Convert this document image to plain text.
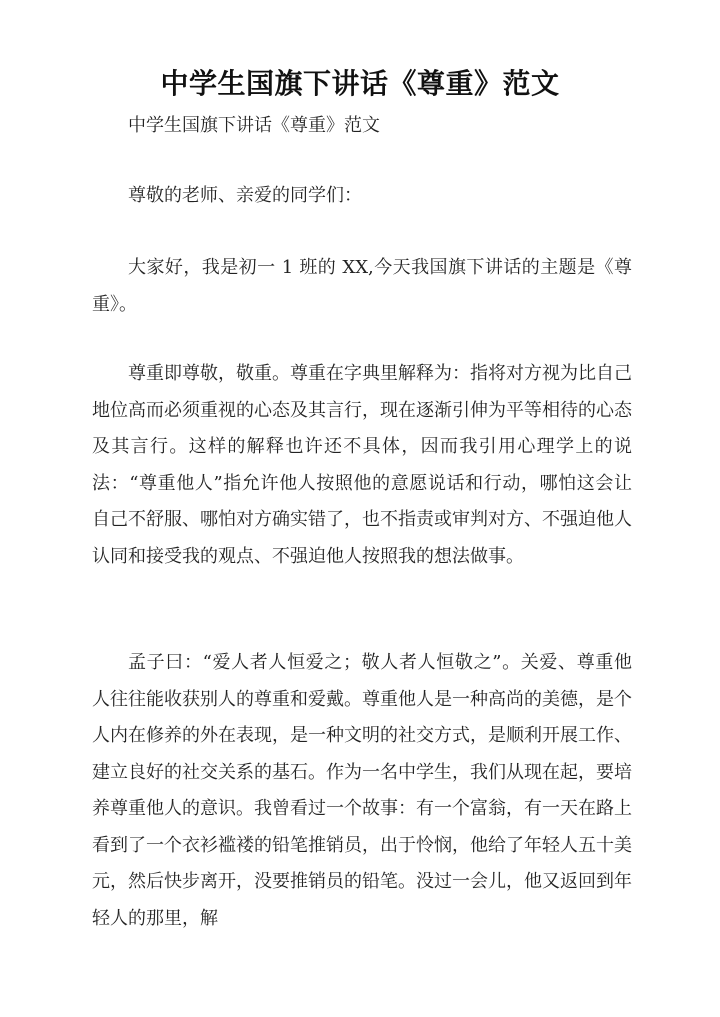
中学生国旗下讲话《尊重》范文

中学生国旗下讲话《尊重》范文

尊敬的老师、亲爱的同学们：

大家好，我是初一 1 班的 XX,今天我国旗下讲话的主题是《尊重》。

尊重即尊敬，敬重。尊重在字典里解释为：指将对方视为比自己地位高而必须重视的心态及其言行，现在逐渐引伸为平等相待的心态及其言行。这样的解释也许还不具体，因而我引用心理学上的说法：“尊重他人”指允许他人按照他的意愿说话和行动，哪怕这会让自己不舒服、哪怕对方确实错了，也不指责或审判对方、不强迫他人认同和接受我的观点、不强迫他人按照我的想法做事。

孟子曰：“爱人者人恒爱之；敬人者人恒敬之”。关爱、尊重他人往往能收获别人的尊重和爱戴。尊重他人是一种高尚的美德，是个人内在修养的外在表现，是一种文明的社交方式，是顺利开展工作、建立良好的社交关系的基石。作为一名中学生，我们从现在起，要培养尊重他人的意识。我曾看过一个故事：有一个富翁，有一天在路上看到了一个衣衫褴褛的铅笔推销员，出于怜悯，他给了年轻人五十美元，然后快步离开，没要推销员的铅笔。没过一会儿，他又返回到年轻人的那里，解
